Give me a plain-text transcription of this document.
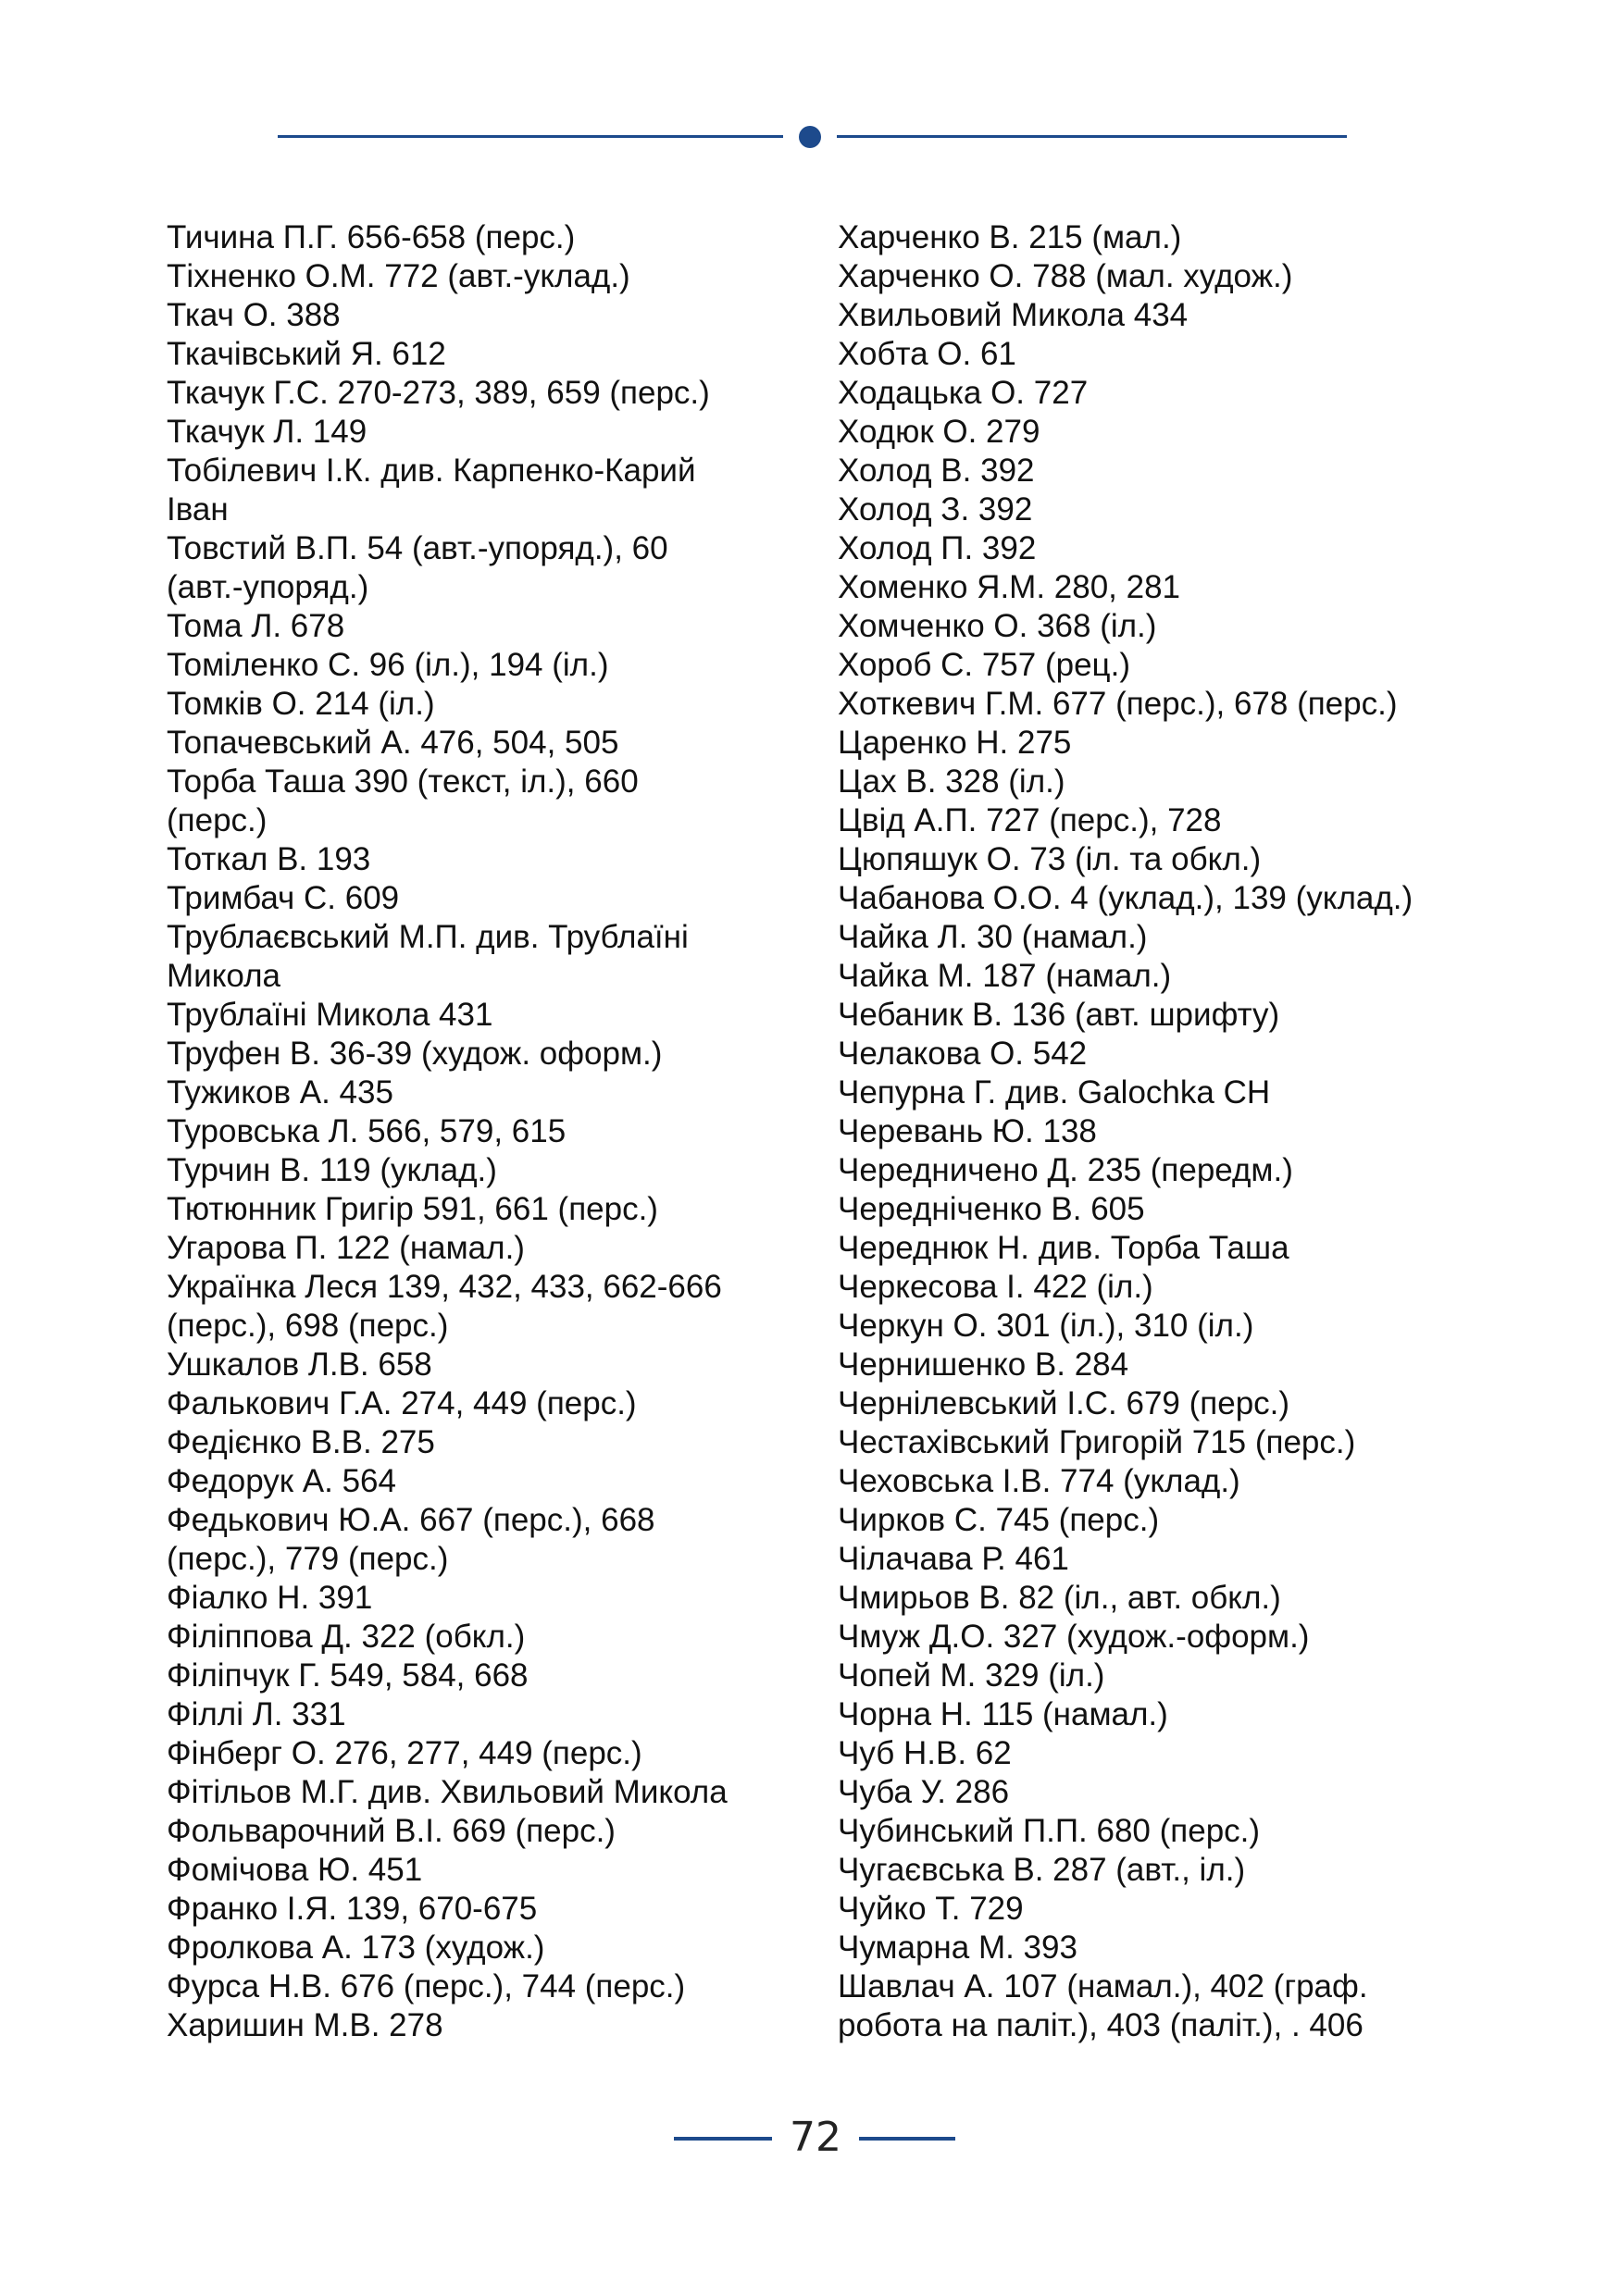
Тичина П.Г. 656-658 (перс.)
Тіхненко О.М. 772 (авт.-уклад.)
Ткач О. 388
Ткачівський Я. 612
Ткачук Г.С. 270-273, 389, 659 (перс.)
Ткачук Л. 149
Тобілевич І.К. див. Карпенко-Карий
Іван
Товстий В.П. 54 (авт.-упоряд.), 60
(авт.-упоряд.)
Тома Л. 678
Томіленко С. 96 (іл.), 194 (іл.)
Томків О. 214 (іл.)
Топачевський А. 476, 504, 505
Торба Таша 390 (текст, іл.), 660
(перс.)
Тоткал В. 193
Тримбач С. 609
Трублаєвський М.П. див. Трублаїні
Микола
Трублаїні Микола 431
Труфен В. 36-39 (худож. оформ.)
Тужиков А. 435
Туровська Л. 566, 579, 615
Турчин В. 119 (уклад.)
Тютюнник Григір 591, 661 (перс.)
Угарова П. 122 (намал.)
Українка Леся 139, 432, 433, 662-666
(перс.), 698 (перс.)
Ушкалов Л.В. 658
Фалькович Г.А. 274, 449 (перс.)
Федієнко В.В. 275
Федорук А. 564
Федькович Ю.А. 667 (перс.), 668
(перс.), 779 (перс.)
Фіалко Н. 391
Філіппова Д. 322 (обкл.)
Філіпчук Г. 549, 584, 668
Філлі Л. 331
Фінберг О. 276, 277, 449 (перс.)
Фітільов М.Г. див. Хвильовий Микола
Фольварочний В.І. 669 (перс.)
Фомічова Ю. 451
Франко І.Я. 139, 670-675
Фролкова А. 173 (худож.)
Фурса Н.В. 676 (перс.), 744 (перс.)
Харишин М.В. 278
Харченко В. 215 (мал.)
Харченко О. 788 (мал. худож.)
Хвильовий Микола 434
Хобта О. 61
Ходацька О. 727
Ходюк О. 279
Холод В. 392
Холод З. 392
Холод П. 392
Хоменко Я.М. 280, 281
Хомченко О. 368 (іл.)
Хороб С. 757 (рец.)
Хоткевич Г.М. 677 (перс.), 678 (перс.)
Царенко Н. 275
Цах В. 328 (іл.)
Цвід А.П. 727 (перс.), 728
Цюпяшук О. 73 (іл. та обкл.)
Чабанова О.О. 4 (уклад.), 139 (уклад.)
Чайка Л. 30 (намал.)
Чайка М. 187 (намал.)
Чебаник В. 136 (авт. шрифту)
Челакова О. 542
Чепурна Г. див. Galochka CH
Черевань Ю. 138
Чередничено Д. 235 (передм.)
Чередніченко В. 605
Череднюк Н. див. Торба Таша
Черкесова І. 422 (іл.)
Черкун О. 301 (іл.), 310 (іл.)
Чернишенко В. 284
Чернілевський І.С. 679 (перс.)
Честахівський Григорій 715 (перс.)
Чеховська І.В. 774 (уклад.)
Чирков С. 745 (перс.)
Чілачава Р. 461
Чмирьов В. 82 (іл., авт. обкл.)
Чмуж Д.О. 327 (худож.-оформ.)
Чопей М. 329 (іл.)
Чорна Н. 115 (намал.)
Чуб Н.В. 62
Чуба У. 286
Чубинський П.П. 680 (перс.)
Чугаєвська В. 287 (авт., іл.)
Чуйко Т. 729
Чумарна М. 393
Шавлач А. 107 (намал.), 402 (граф.
робота на паліт.), 403 (паліт.), . 406
72
